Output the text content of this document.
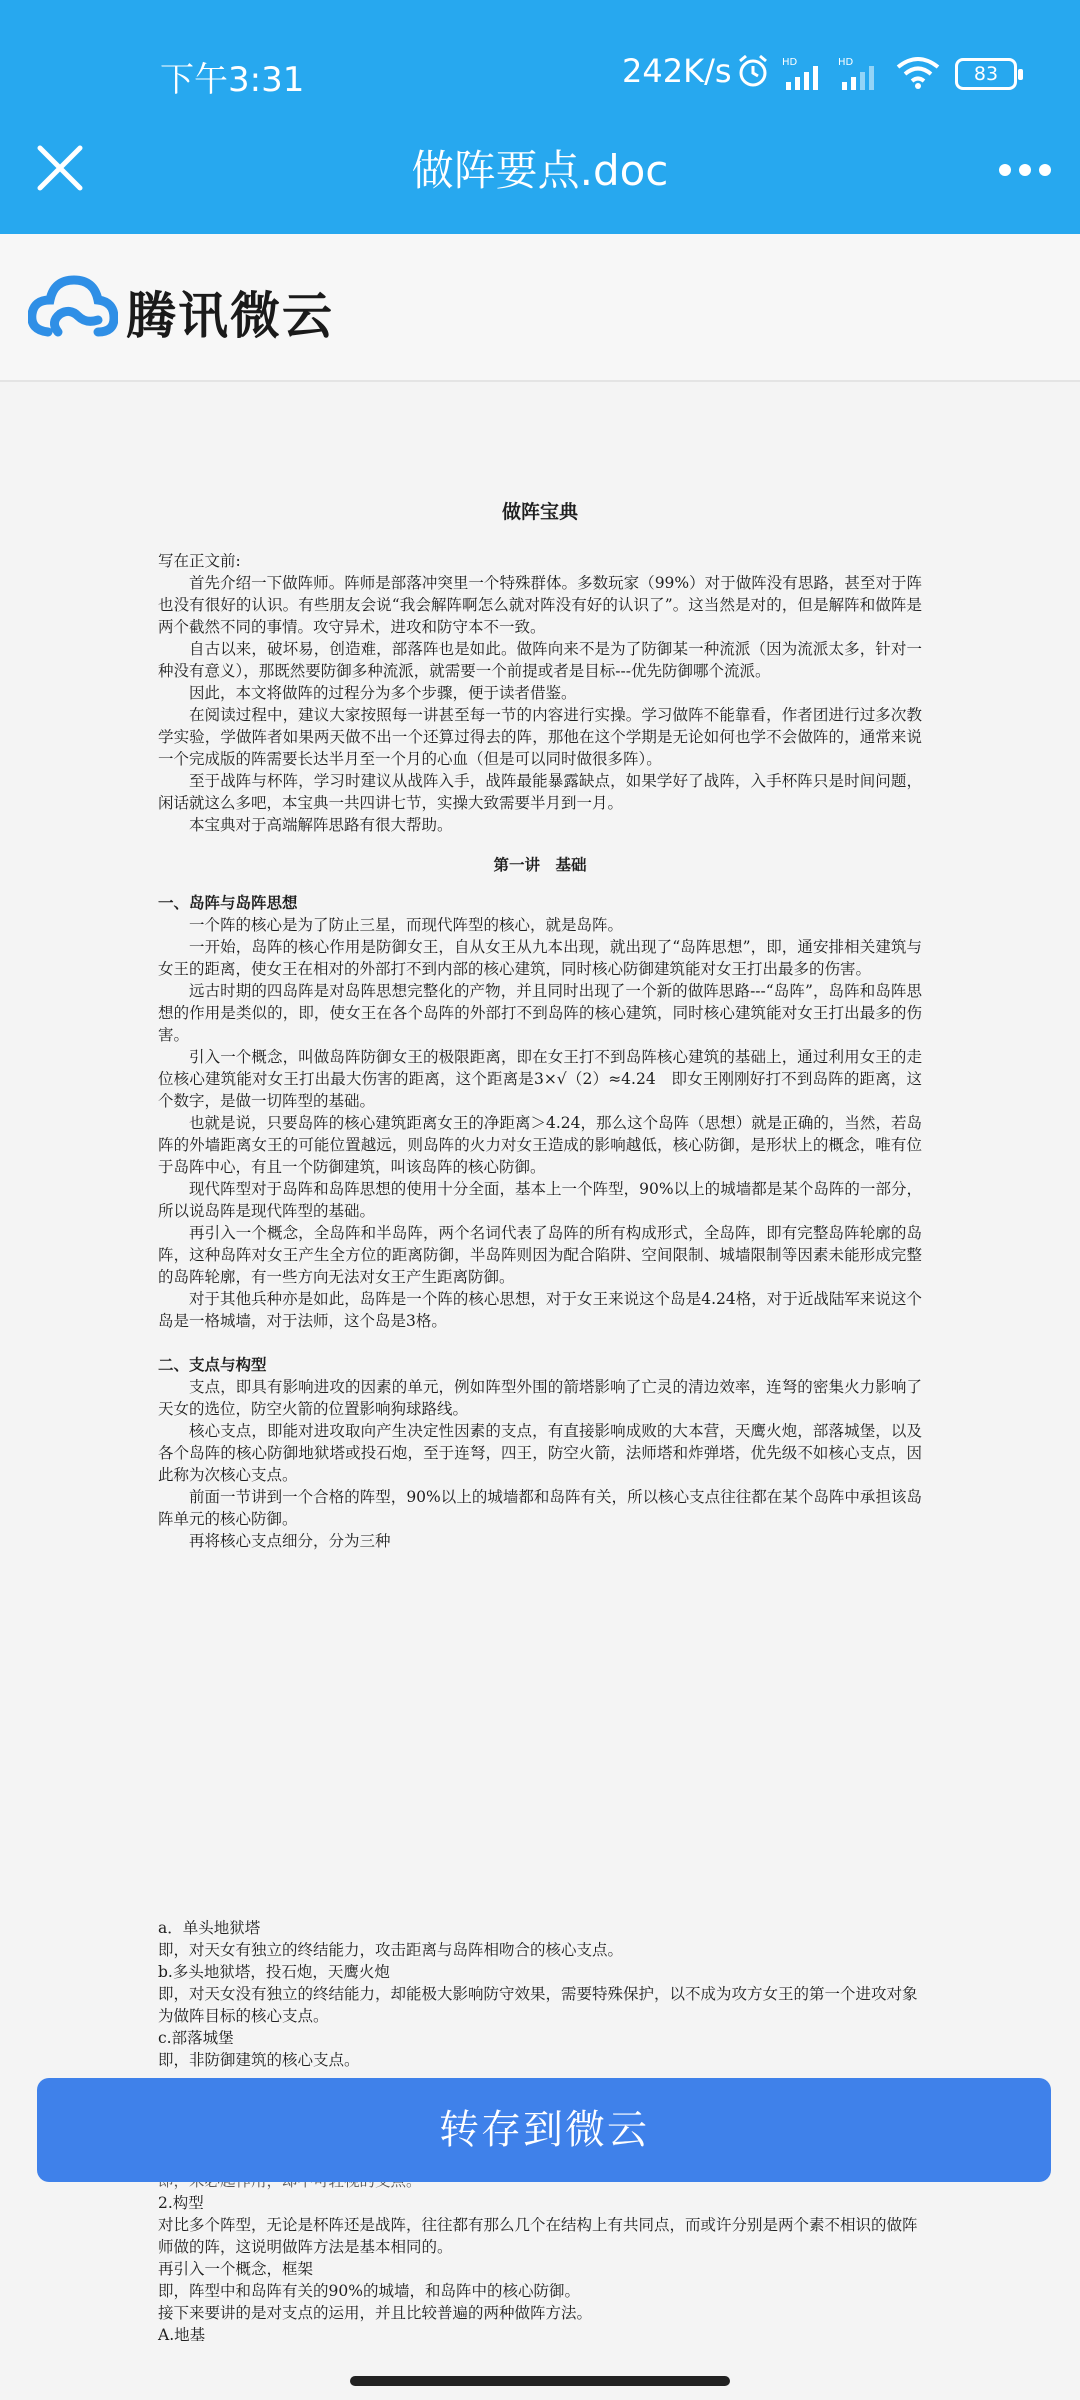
下午3:31	242K/s	HD	HD
83
做阵要点.doc
腾讯微云

做阵宝典

写在正文前:

首先介绍一下做阵师。阵师是部落冲突里一个特殊群体。多数玩家（99%）对于做阵没有思路，甚至对于阵也没有很好的认识。有些朋友会说“我会解阵啊怎么就对阵没有好的认识了”。这当然是对的，但是解阵和做阵是两个截然不同的事情。攻守异术，进攻和防守本不一致。

自古以来，破坏易，创造难，部落阵也是如此。做阵向来不是为了防御某一种流派（因为流派太多，针对一种没有意义），那既然要防御多种流派，就需要一个前提或者是目标---优先防御哪个流派。

因此，本文将做阵的过程分为多个步骤，便于读者借鉴。

在阅读过程中，建议大家按照每一讲甚至每一节的内容进行实操。学习做阵不能靠看，作者团进行过多次教学实验，学做阵者如果两天做不出一个还算过得去的阵，那他在这个学期是无论如何也学不会做阵的，通常来说一个完成版的阵需要长达半月至一个月的心血（但是可以同时做很多阵）。

至于战阵与杯阵，学习时建议从战阵入手，战阵最能暴露缺点，如果学好了战阵，入手杯阵只是时间问题，闲话就这么多吧，本宝典一共四讲七节，实操大致需要半月到一月。

本宝典对于高端解阵思路有很大帮助。

第一讲　基础

一、岛阵与岛阵思想

一个阵的核心是为了防止三星，而现代阵型的核心，就是岛阵。

一开始，岛阵的核心作用是防御女王，自从女王从九本出现，就出现了“岛阵思想”，即，通安排相关建筑与女王的距离，使女王在相对的外部打不到内部的核心建筑，同时核心防御建筑能对女王打出最多的伤害。

远古时期的四岛阵是对岛阵思想完整化的产物，并且同时出现了一个新的做阵思路---“岛阵”，岛阵和岛阵思想的作用是类似的，即，使女王在各个岛阵的外部打不到岛阵的核心建筑，同时核心建筑能对女王打出最多的伤害。

引入一个概念，叫做岛阵防御女王的极限距离，即在女王打不到岛阵核心建筑的基础上，通过利用女王的走位核心建筑能对女王打出最大伤害的距离，这个距离是3×√（2）≈4.24　即女王刚刚好打不到岛阵的距离，这个数字，是做一切阵型的基础。

也就是说，只要岛阵的核心建筑距离女王的净距离＞4.24，那么这个岛阵（思想）就是正确的，当然，若岛阵的外墙距离女王的可能位置越远，则岛阵的火力对女王造成的影响越低，核心防御，是形状上的概念，唯有位于岛阵中心，有且一个防御建筑，叫该岛阵的核心防御。

现代阵型对于岛阵和岛阵思想的使用十分全面，基本上一个阵型，90%以上的城墙都是某个岛阵的一部分，所以说岛阵是现代阵型的基础。

再引入一个概念，全岛阵和半岛阵，两个名词代表了岛阵的所有构成形式，全岛阵，即有完整岛阵轮廓的岛阵，这种岛阵对女王产生全方位的距离防御，半岛阵则因为配合陷阱、空间限制、城墙限制等因素未能形成完整的岛阵轮廓，有一些方向无法对女王产生距离防御。

对于其他兵种亦是如此，岛阵是一个阵的核心思想，对于女王来说这个岛是4.24格，对于近战陆军来说这个岛是一格城墙，对于法师，这个岛是3格。

二、支点与构型

支点，即具有影响进攻的因素的单元，例如阵型外围的箭塔影响了亡灵的清边效率，连弩的密集火力影响了天女的选位，防空火箭的位置影响狗球路线。

核心支点，即能对进攻取向产生决定性因素的支点，有直接影响成败的大本营，天鹰火炮，部落城堡，以及各个岛阵的核心防御地狱塔或投石炮，至于连弩，四王，防空火箭，法师塔和炸弹塔，优先级不如核心支点，因此称为次核心支点。

前面一节讲到一个合格的阵型，90%以上的城墙都和岛阵有关，所以核心支点往往都在某个岛阵中承担该岛阵单元的核心防御。

再将核心支点细分，分为三种

a．单头地狱塔

即，对天女有独立的终结能力，攻击距离与岛阵相吻合的核心支点。

b.多头地狱塔，投石炮，天鹰火炮

即，对天女没有独立的终结能力，却能极大影响防守效果，需要特殊保护，以不成为攻方女王的第一个进攻对象为做阵目标的核心支点。

c.部落城堡

即，非防御建筑的核心支点。

2.构型

对比多个阵型，无论是杯阵还是战阵，往往都有那么几个在结构上有共同点，而或许分别是两个素不相识的做阵师做的阵，这说明做阵方法是基本相同的。

再引入一个概念，框架

即，阵型中和岛阵有关的90%的城墙，和岛阵中的核心防御。

接下来要讲的是对支点的运用，并且比较普遍的两种做阵方法。

A.地基

转存到微云
